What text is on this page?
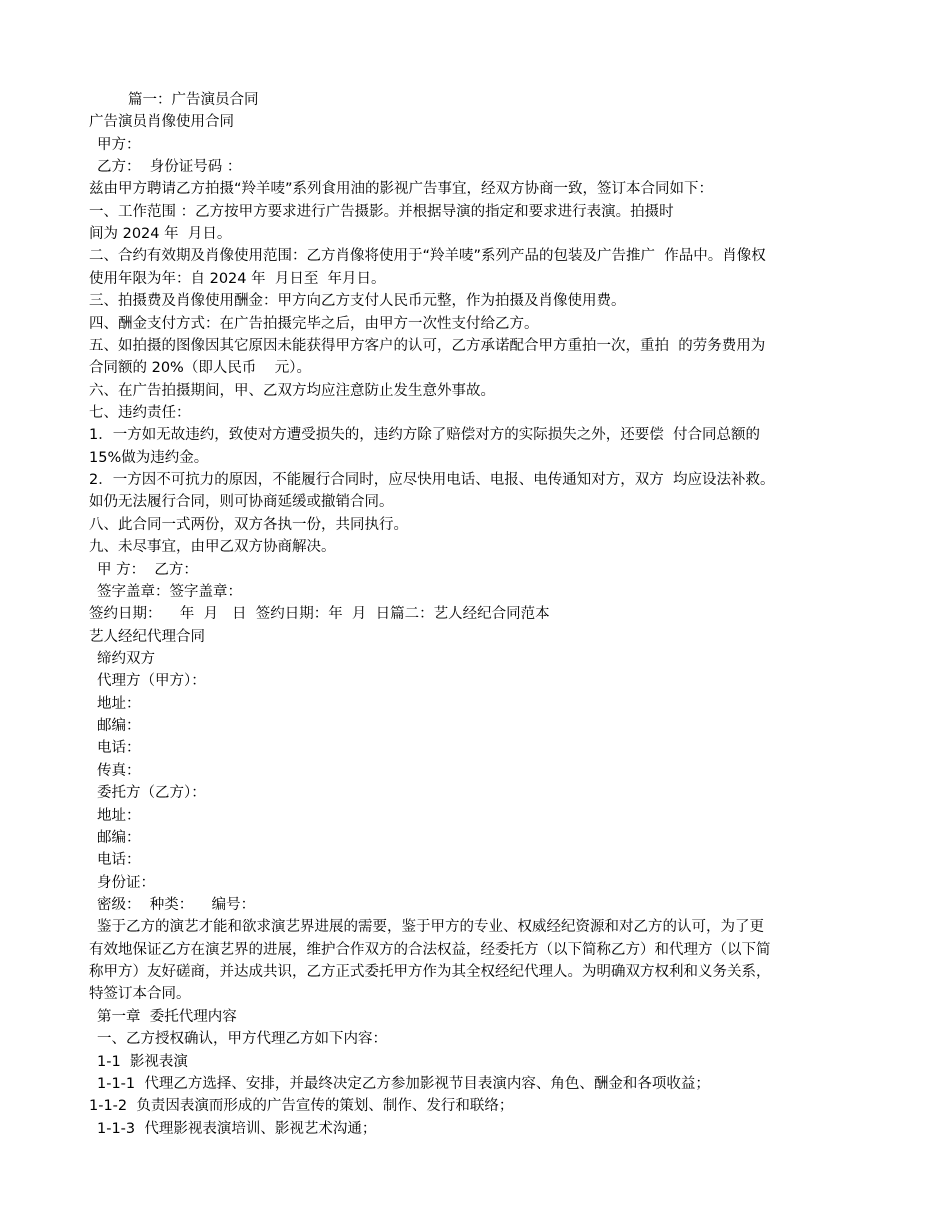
篇一：广告演员合同
广告演员肖像使用合同
甲方：
乙方：  身份证号码 ：
兹由甲方聘请乙方拍摄“羚羊唛”系列食用油的影视广告事宜，经双方协商一致，签订本合同如下：
一、工作范围 ：乙方按甲方要求进行广告摄影。并根据导演的指定和要求进行表演。拍摄时
间为 2024 年  月日。
二、合约有效期及肖像使用范围：乙方肖像将使用于“羚羊唛”系列产品的包装及广告推广  作品中。肖像权
使用年限为年：自 2024 年  月日至  年月日。
三、拍摄费及肖像使用酬金：甲方向乙方支付人民币元整，作为拍摄及肖像使用费。
四、酬金支付方式：在广告拍摄完毕之后，由甲方一次性支付给乙方。
五、如拍摄的图像因其它原因未能获得甲方客户的认可，乙方承诺配合甲方重拍一次，重拍  的劳务费用为
合同额的 20%（即人民币    元）。
六、在广告拍摄期间，甲、乙双方均应注意防止发生意外事故。
七、违约责任：
1．一方如无故违约，致使对方遭受损失的，违约方除了赔偿对方的实际损失之外，还要偿  付合同总额的
15%做为违约金。
2．一方因不可抗力的原因，不能履行合同时，应尽快用电话、电报、电传通知对方，双方  均应设法补救。
如仍无法履行合同，则可协商延缓或撤销合同。
八、此合同一式两份，双方各执一份，共同执行。
九、未尽事宜，由甲乙双方协商解决。
甲 方：  乙方：
签字盖章：签字盖章：
签约日期：    年  月   日  签约日期：年  月  日篇二：艺人经纪合同范本
艺人经纪代理合同
缔约双方
代理方（甲方）：
地址：
邮编：
电话：
传真：
委托方（乙方）：
地址：
邮编：
电话：
身份证：
密级：  种类：    编号：
鉴于乙方的演艺才能和欲求演艺界进展的需要，鉴于甲方的专业、权威经纪资源和对乙方的认可，为了更
有效地保证乙方在演艺界的进展，维护合作双方的合法权益，经委托方（以下简称乙方）和代理方（以下简
称甲方）友好磋商，并达成共识，乙方正式委托甲方作为其全权经纪代理人。为明确双方权利和义务关系，
特签订本合同。
第一章  委托代理内容
一、乙方授权确认，甲方代理乙方如下内容：
1-1  影视表演
1-1-1  代理乙方选择、安排，并最终决定乙方参加影视节目表演内容、角色、酬金和各项收益；
1-1-2  负责因表演而形成的广告宣传的策划、制作、发行和联络；
1-1-3  代理影视表演培训、影视艺术沟通；
